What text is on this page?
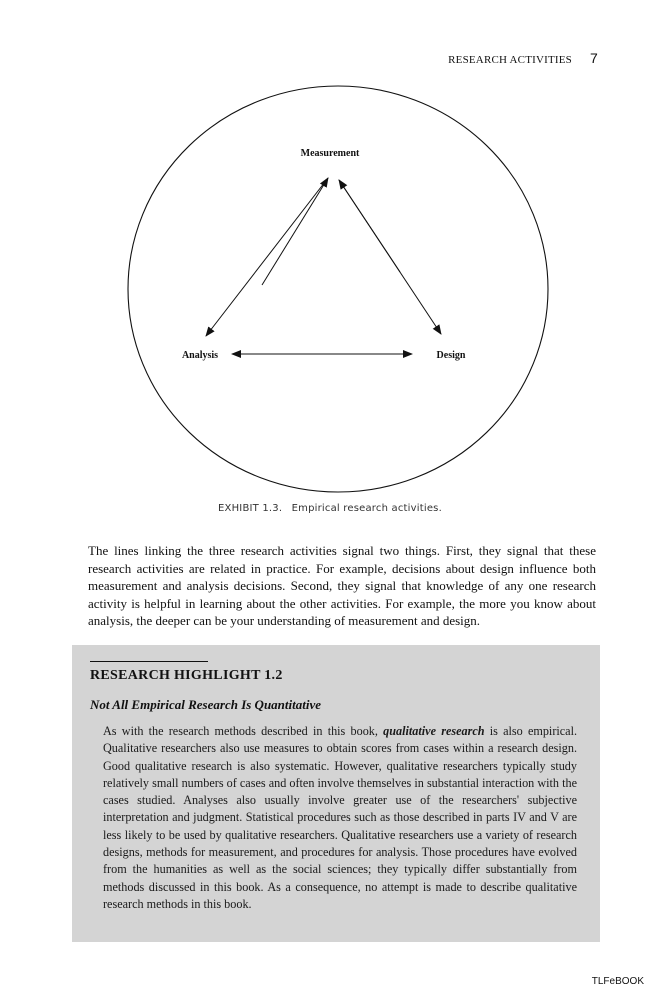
RESEARCH ACTIVITIES 7
Measurement
Analysis	Design
EXHIBIT 1.3. Empirical research activities.

The lines linking the three research activities signal two things. First, they signal that these research activities are related in practice. For example, decisions about design influence both measurement and analysis decisions. Second, they signal that knowledge of any one research activity is helpful in learning about the other activities. For example, the more you know about analysis, the deeper can be your understanding of measurement and design.

RESEARCH HIGHLIGHT 1.2
Not All Empirical Research Is Quantitative

As with the research methods described in this book, qualitative research is also empirical. Qualitative researchers also use measures to obtain scores from cases within a research design. Good qualitative research is also systematic. However, qualitative researchers typically study relatively small numbers of cases and often involve themselves in substantial interaction with the cases studied. Analyses also usually involve greater use of the researchers' subjective interpretation and judgment. Statistical procedures such as those described in parts IV and V are less likely to be used by qualitative researchers. Qualitative researchers use a variety of research designs, methods for measurement, and procedures for analysis. Those procedures have evolved from the humanities as well as the social sciences; they typically differ substantially from methods discussed in this book. As a consequence, no attempt is made to describe qualitative research methods in this book.

TLFeBOOK
